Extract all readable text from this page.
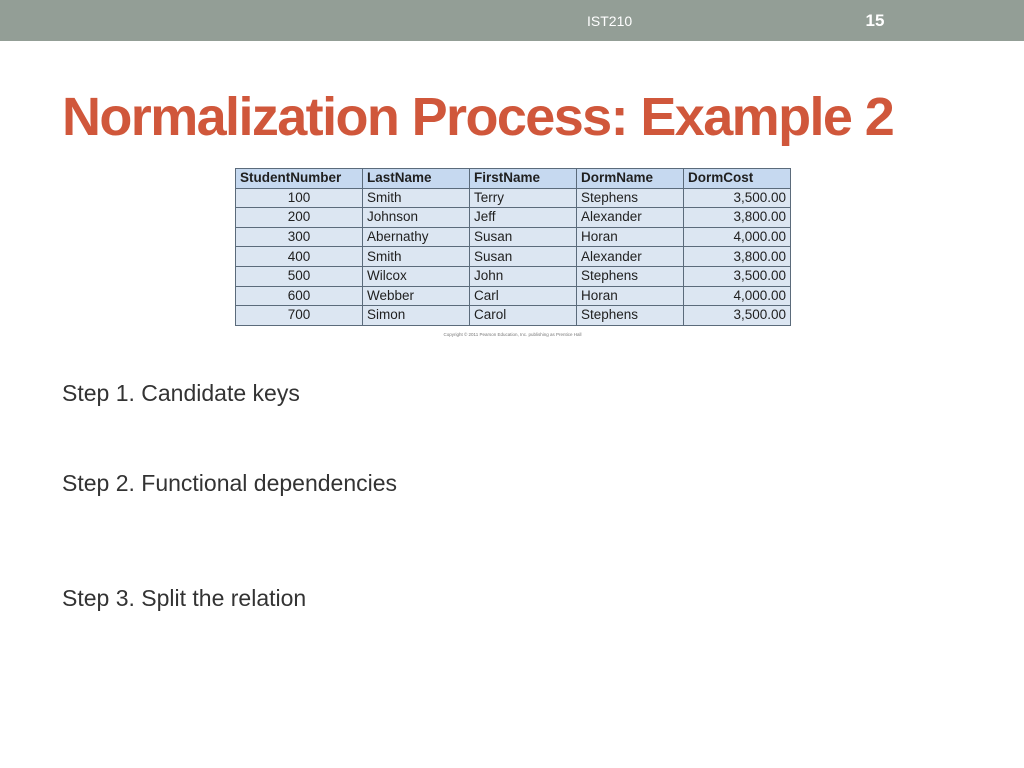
IST210	15
Normalization Process: Example 2
StudentNumber	LastName	FirstName	DormName	DormCost
100	Smith	Terry	Stephens	3,500.00
200	Johnson	Jeff	Alexander	3,800.00
300	Abernathy	Susan	Horan	4,000.00
400	Smith	Susan	Alexander	3,800.00
500	Wilcox	John	Stephens	3,500.00
600	Webber	Carl	Horan	4,000.00
700	Simon	Carol	Stephens	3,500.00
Copyright © 2011 Pearson Education, Inc. publishing as Prentice Hall
Step 1. Candidate keys
Step 2. Functional dependencies
Step 3. Split the relation
